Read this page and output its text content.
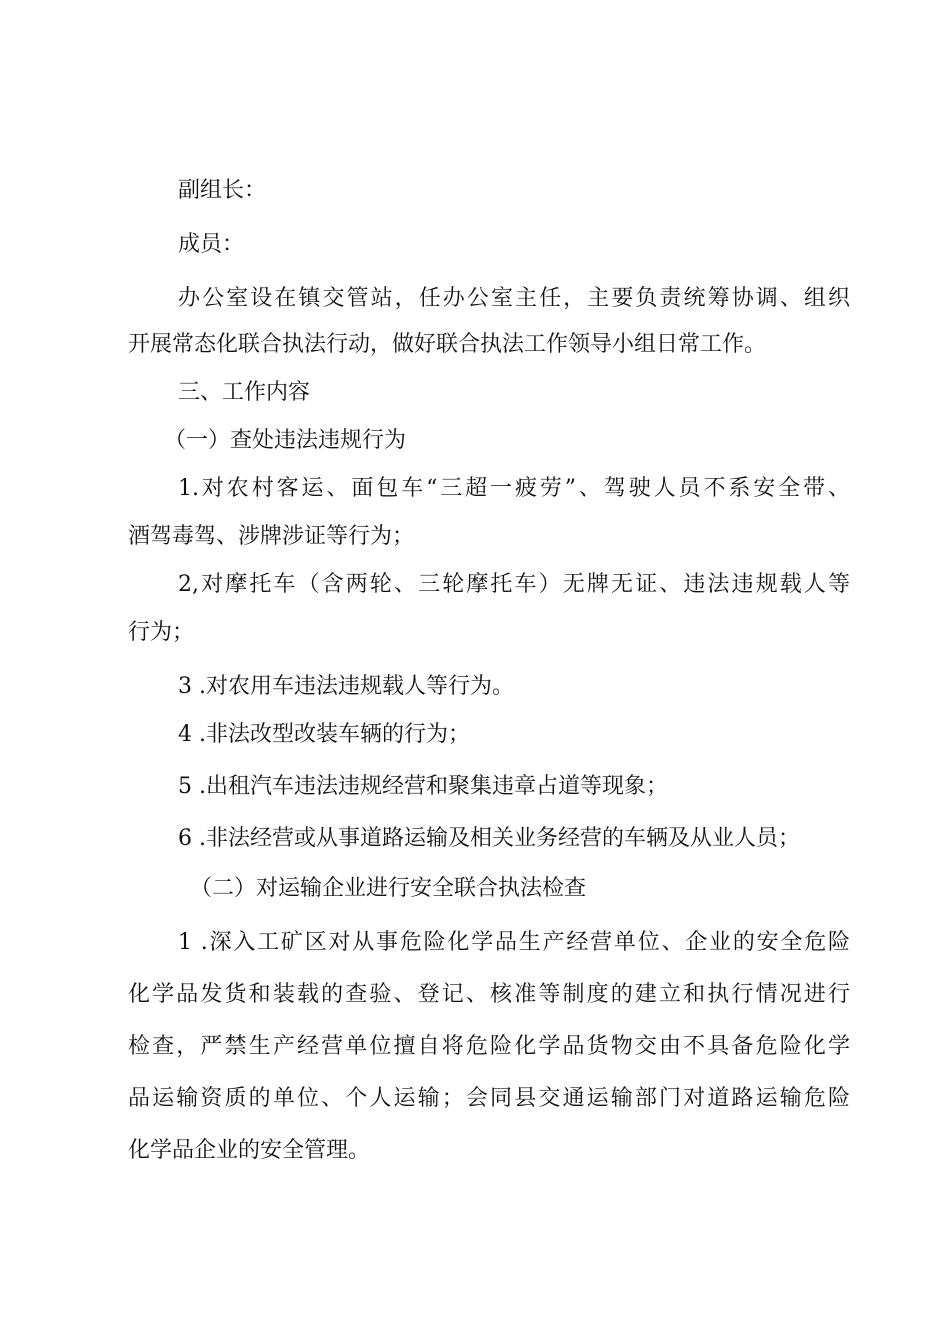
副组长：
成员：
办公室设在镇交管站，任办公室主任，主要负责统筹协调、组织
开展常态化联合执法行动，做好联合执法工作领导小组日常工作。
三、工作内容
（一）查处违法违规行为
1.对农村客运、面包车“三超一疲劳”、驾驶人员不系安全带、
酒驾毒驾、涉牌涉证等行为；
2,对摩托车（含两轮、三轮摩托车）无牌无证、违法违规载人等
行为；
3 .对农用车违法违规载人等行为。
4 .非法改型改装车辆的行为；
5 .出租汽车违法违规经营和聚集违章占道等现象；
6 .非法经营或从事道路运输及相关业务经营的车辆及从业人员；
（二）对运输企业进行安全联合执法检查
1 .深入工矿区对从事危险化学品生产经营单位、企业的安全危险
化学品发货和装载的查验、登记、核准等制度的建立和执行情况进行
检查，严禁生产经营单位擅自将危险化学品货物交由不具备危险化学
品运输资质的单位、个人运输；会同县交通运输部门对道路运输危险
化学品企业的安全管理。
